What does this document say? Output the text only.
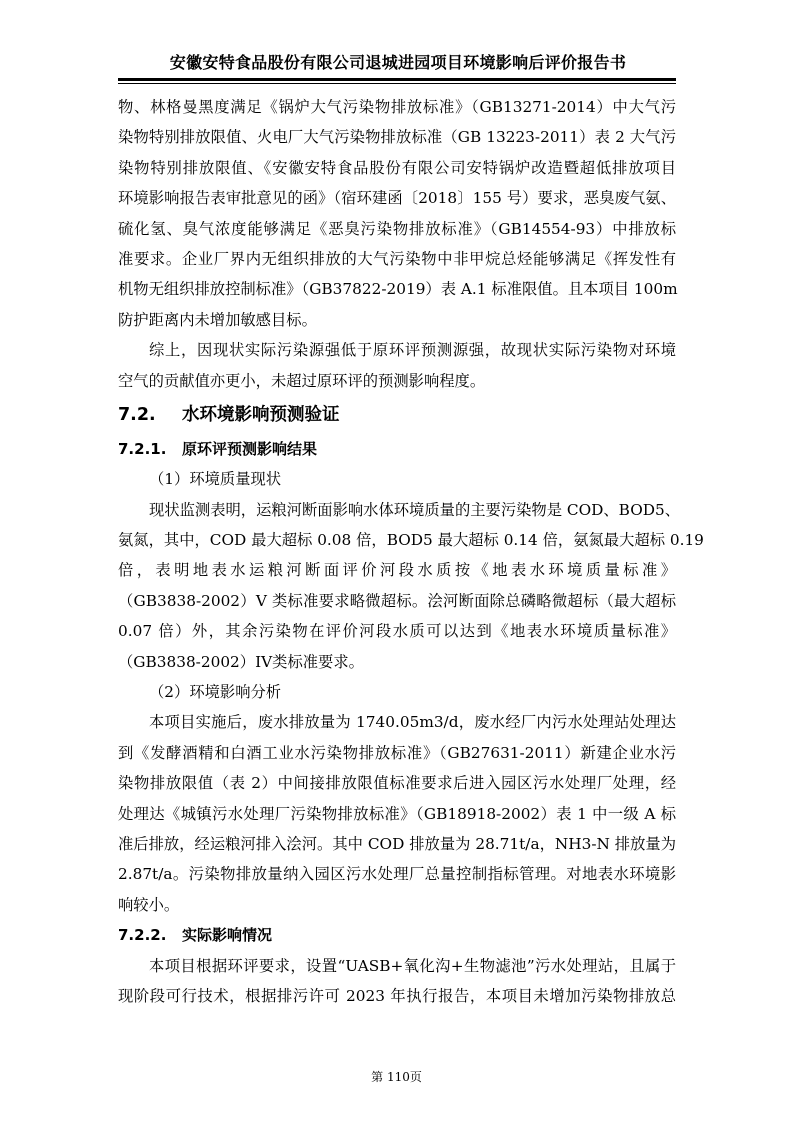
安徽安特食品股份有限公司退城进园项目环境影响后评价报告书
物、林格曼黑度满足《锅炉大气污染物排放标准》（GB13271-2014）中大气污
染物特别排放限值、火电厂大气污染物排放标准（GB 13223-2011）表 2 大气污
染物特别排放限值、《安徽安特食品股份有限公司安特锅炉改造暨超低排放项目
环境影响报告表审批意见的函》（宿环建函〔2018〕155 号）要求，恶臭废气氨、
硫化氢、臭气浓度能够满足《恶臭污染物排放标准》（GB14554-93）中排放标
准要求。企业厂界内无组织排放的大气污染物中非甲烷总烃能够满足《挥发性有
机物无组织排放控制标准》（GB37822-2019）表 A.1 标准限值。且本项目 100m
防护距离内未增加敏感目标。
综上，因现状实际污染源强低于原环评预测源强，故现状实际污染物对环境
空气的贡献值亦更小，未超过原环评的预测影响程度。
7.2. 水环境影响预测验证
7.2.1. 原环评预测影响结果
（1）环境质量现状
现状监测表明，运粮河断面影响水体环境质量的主要污染物是 COD、BOD5、
氨氮，其中，COD 最大超标 0.08 倍，BOD5 最大超标 0.14 倍，氨氮最大超标 0.19
倍，表明地表水运粮河断面评价河段水质按《地表水环境质量标准》
（GB3838-2002）V 类标准要求略微超标。浍河断面除总磷略微超标（最大超标
0.07 倍）外，其余污染物在评价河段水质可以达到《地表水环境质量标准》
（GB3838-2002）IV类标准要求。
（2）环境影响分析
本项目实施后，废水排放量为 1740.05m3/d，废水经厂内污水处理站处理达
到《发酵酒精和白酒工业水污染物排放标准》（GB27631-2011）新建企业水污
染物排放限值（表 2）中间接排放限值标准要求后进入园区污水处理厂处理，经
处理达《城镇污水处理厂污染物排放标准》（GB18918-2002）表 1 中一级 A 标
准后排放，经运粮河排入浍河。其中 COD 排放量为 28.71t/a，NH3-N 排放量为
2.87t/a。污染物排放量纳入园区污水处理厂总量控制指标管理。对地表水环境影
响较小。
7.2.2. 实际影响情况
本项目根据环评要求，设置“UASB+氧化沟+生物滤池”污水处理站，且属于
现阶段可行技术，根据排污许可 2023 年执行报告，本项目未增加污染物排放总
第 110页
